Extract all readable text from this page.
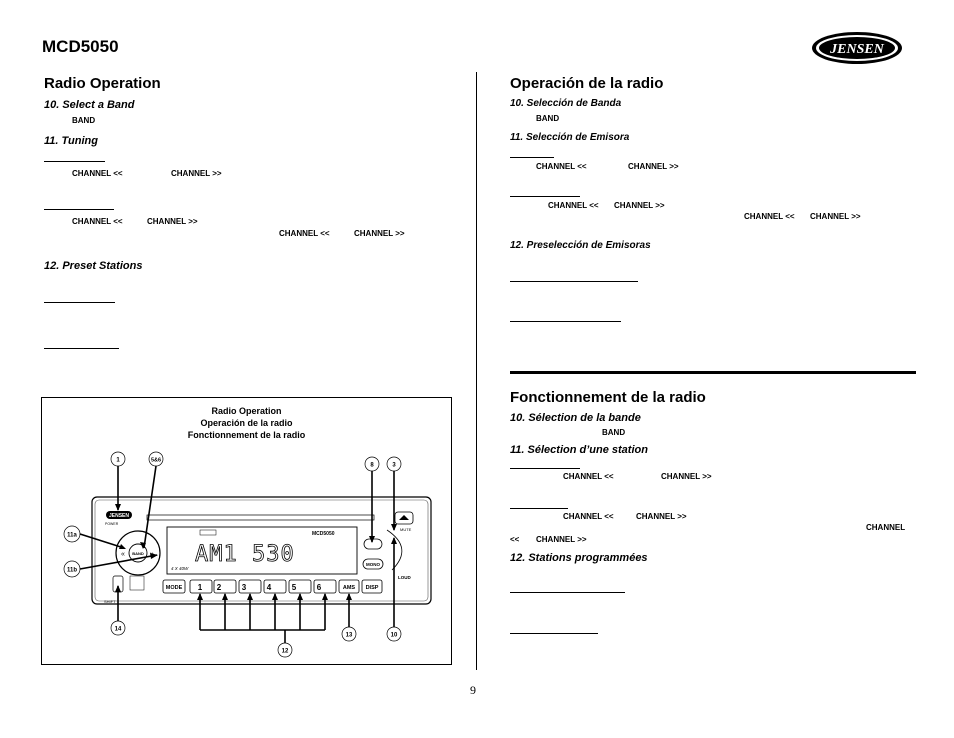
MCD5050	JENSEN
Radio Operation
10. Select a Band
BAND
11. Tuning
CHANNEL <<	CHANNEL >>
CHANNEL <<	CHANNEL >>
CHANNEL <<	CHANNEL >>
12. Preset Stations
Operación de la radio
10. Selección de Banda
BAND
11. Selección de Emisora
CHANNEL <<	CHANNEL >>
CHANNEL << CHANNEL >>
CHANNEL << CHANNEL >>
12. Preselección de Emisoras
Fonctionnement de la radio
10. Sélection de la bande
BAND
11. Sélection d’une station
CHANNEL <<	CHANNEL >>
CHANNEL <<	CHANNEL >>
CHANNEL
<< CHANNEL >>
12. Stations programmées
Radio Operation
Operación de la radio
Fonctionnement de la radio
MCD5050
AM1 530
4 X 40W
JENSEN
POWER
BAND
«
SHIFT
MODE 1 2	3	4	5	6	AMS DISP
MUTE
MONO
LOUD
1	5&6
8	3
11a
11b
14
13	10
12
9
